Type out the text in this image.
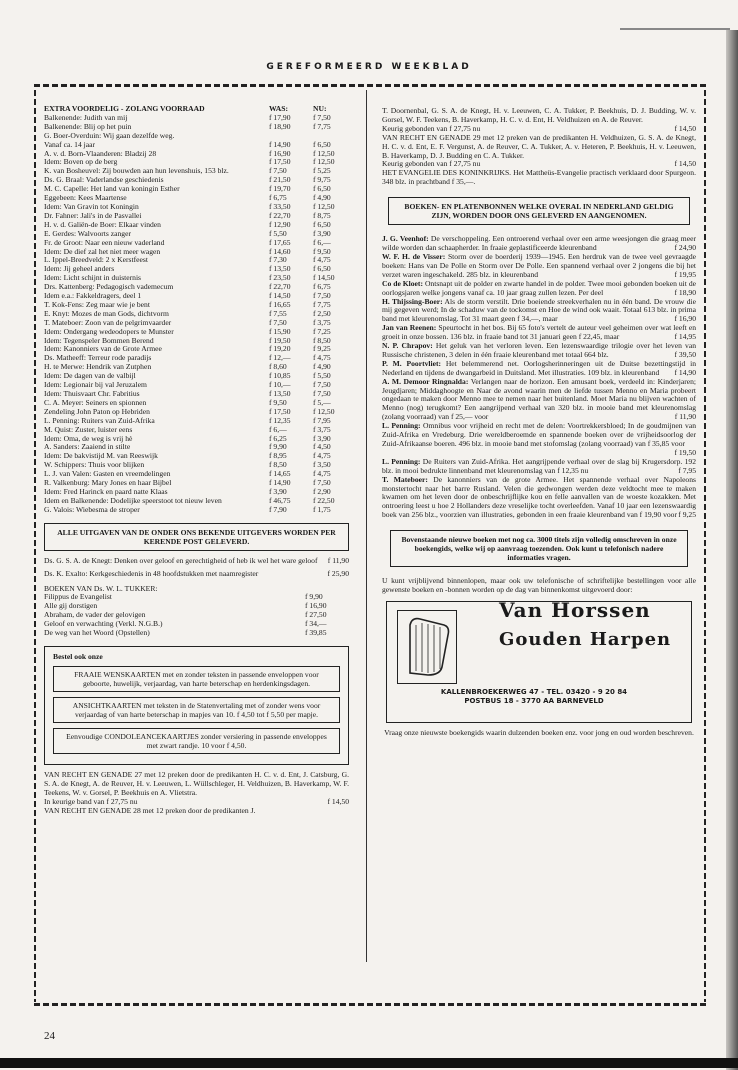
GEREFORMEERD WEEKBLAD
EXTRA VOORDELIG - ZOLANG VOORRAAD	WAS:	NU:
Balkenende: Judith van mij	f 17,90	f 7,50
Balkenende: Blij op het puin	f 18,90	f 7,75
G. Boer-Overduin: Wij gaan dezelfde weg.		
Vanaf ca. 14 jaar	f 14,90	f 6,50
A. v. d. Born-Vlaanderen: Bladzij 28	f 16,90	f 12,50
Idem: Boven op de berg	f 17,50	f 12,50
K. van Bosheuvel: Zij bouwden aan hun levenshuis, 153 blz.	f 7,50	f 5,25
Ds. G. Braal: Vaderlandse geschiedenis	f 21,50	f 9,75
M. C. Capelle: Het land van koningin Esther	f 19,70	f 6,50
Eggebeen: Kees Maartense	f 6,75	f 4,90
Idem: Van Gravin tot Koningin	f 33,50	f 12,50
Dr. Fahner: Jali's in de Pasvallei	f 22,70	f 8,75
H. v. d. Galiën-de Boer: Elkaar vinden	f 12,90	f 6,50
E. Gerdes: Walvoorts zanger	f 5,50	f 3,90
Fr. de Groot: Naar een nieuw vaderland	f 17,65	f 6,—
Idem: De dief zal het niet meer wagen	f 14,60	f 9,50
L. Ippel-Breedveld: 2 x Kerstfeest	f 7,30	f 4,75
Idem: Jij geheel anders	f 13,50	f 6,50
Idem: Licht schijnt in duisternis	f 23,50	f 14,50
Drs. Kattenberg: Pedagogisch vademecum	f 22,70	f 6,75
Idem e.a.: Fakkeldragers, deel 1	f 14,50	f 7,50
T. Kok-Fens: Zeg maar wie je bent	f 16,65	f 7,75
E. Knyt: Mozes de man Gods, dichtvorm	f 7,55	f 2,50
T. Mateboer: Zoon van de pelgrimvaarder	f 7,50	f 3,75
Idem: Ondergang wedeodopers te Munster	f 15,90	f 7,25
Idem: Tegenspeler Bommen Berend	f 19,50	f 8,50
Idem: Kanonniers van de Grote Armee	f 19,20	f 9,25
Ds. Matheeff: Terreur rode paradijs	f 12,—	f 4,75
H. te Merwe: Hendrik van Zutphen	f 8,60	f 4,90
Idem: De dagen van de valbijl	f 10,85	f 5,50
Idem: Legionair bij val Jeruzalem	f 10,—	f 7,50
Idem: Thuisvaart Chr. Fabritius	f 13,50	f 7,50
C. A. Meyer: Seiners en spionnen	f 9,50	f 5,—
Zendeling John Paton op Hebriden	f 17,50	f 12,50
L. Penning: Ruiters van Zuid-Afrika	f 12,35	f 7,95
M. Quist: Zuster, luister eens	f 6,—	f 3,75
Idem: Oma, de weg is vrij hè	f 6,25	f 3,90
A. Sanders: Zaaiend in stilte	f 9,90	f 4,50
Idem: De bakvistijd M. van Reeswijk	f 8,95	f 4,75
W. Schippers: Thuis voor blijken	f 8,50	f 3,50
L. J. van Valen: Gasten en vreemdelingen	f 14,65	f 4,75
R. Valkenburg: Mary Jones en haar Bijbel	f 14,90	f 7,50
Idem: Fred Harinck en paard natte Klaas	f 3,90	f 2,90
Idem en Balkenende: Dodelijke speerstoot tot nieuw leven	f 46,75	f 22,50
G. Valois: Wiebesma de stroper	f 7,90	f 1,75
ALLE UITGAVEN VAN DE ONDER ONS BEKENDE UITGEVERS WORDEN PER KERENDE POST GELEVERD.
Ds. G. S. A. de Knegt: Denken over geloof en gerechtigheid of heb ik wel het ware geloof f 11,90
Ds. K. Exalto: Kerkgeschiedenis in 48 hoofdstukken met naamregister	f 25,90
BOEKEN VAN Ds. W. L. TUKKER:
Filippus de Evangelist	f 9,90
Alle gij dorstigen	f 16,90
Abraham, de vader der gelovigen	f 27,50
Geloof en verwachting (Verkl. N.G.B.)	f 34,—
De weg van het Woord (Opstellen)	f 39,85
Bestel ook onze
FRAAIE WENSKAARTEN met en zonder teksten in passende enveloppen voor geboorte, huwelijk, verjaardag, van harte beterschap en herdenkingsdagen.
ANSICHTKAARTEN met teksten in de Statenvertaling met of zonder wens voor verjaardag of van harte beterschap in mapjes van 10. f 4,50 tot f 5,50 per mapje.
Eenvoudige CONDOLEANCEKAARTJES zonder versiering in passende enveloppes met zwart randje. 10 voor f 4,50.

VAN RECHT EN GENADE 27 met 12 preken door de predikanten H. C. v. d. Ent, J. Catsburg, G. S. A. de Knegt, A. de Reuver, H. v. Leeuwen, L. Wüllschleger, H. Veldhuizen, B. Haverkamp, W. F. Teekens, W. v. Gorsel, P. Beekhuis en A. Vlietstra.

In keurige band van f 27,75 nu	f 14,50

VAN RECHT EN GENADE 28 met 12 preken door de predikanten J.

T. Doornenbal, G. S. A. de Knegt, H. v. Leeuwen, C. A. Tukker, P. Beekhuis, D. J. Budding, W. v. Gorsel, W. F. Teekens, B. Haverkamp, H. C. v. d. Ent, H. Veldhuizen en A. de Reuver.

Keurig gebonden van f 27,75 nu	f 14,50

VAN RECHT EN GENADE 29 met 12 preken van de predikanten H. Veldhuizen, G. S. A. de Knegt, H. C. v. d. Ent, E. F. Vergunst, A. de Reuver, C. A. Tukker, A. v. Heteren, P. Beekhuis, H. v. Leeuwen, B. Haverkamp, D. J. Budding en C. A. Tukker.

Keurig gebonden van f 27,75 nu	f 14,50

HET EVANGELIE DES KONINKRIJKS. Het Mattheüs-Evangelie practisch verklaard door Spurgeon. 348 blz. in prachtband f 35,—.

BOEKEN- EN PLATENBONNEN WELKE OVERAL IN NEDERLAND GELDIG ZIJN, WORDEN DOOR ONS GELEVERD EN AANGENOMEN.

J. G. Veenhof: De verschoppeling. Een ontroerend verhaal over een arme weesjongen die graag meer wilde worden dan schaapherder. In fraaie geplastificeerde kleurenband	f 24,90

W. F. H. de Visser: Storm over de boerderij 1939—1945. Een herdruk van de twee veel gevraagde boeken: Hans van De Polle en Storm over De Polle. Een spannend verhaal over 2 jongens die bij het verzet waren ingeschakeld. 285 blz. in kleurenband	f 19,95

Co de Kloet: Ontsnapt uit de polder en zwarte handel in de polder. Twee mooi gebonden boeken uit de oorlogsjaren welke jongens vanaf ca. 10 jaar graag zullen lezen. Per deel	f 18,90

H. Thijssing-Boer: Als de storm verstilt. Drie boeiende streekverhalen nu in één band. De vrouw die mij gegeven werd; In de schaduw van de tockomst en Hoe de wind ook waait. Totaal 613 blz. in prima band met kleurenomslag. Tot 31 maart geen f 34,—, maar	f 16,90

Jan van Reenen: Speurtocht in het bos. Bij 65 foto's vertelt de auteur veel geheimen over wat leeft en groeit in onze bossen. 136 blz. in fraaie band tot 31 januari geen f 22,45, maar	f 14,95

N. P. Chrapov: Het geluk van het verloren leven. Een lezenswaardige trilogie over het leven van Russische christenen, 3 delen in één fraaie kleurenband met totaal 664 blz.	f 39,50

P. M. Poortvliet: Het belemmerend net. Oorlogsherinneringen uit de Duitse bezettingstijd in Nederland en tijdens de dwangarbeid in Duitsland. Met illustraties. 109 blz. in kleurenband f 14,90

A. M. Demoor Ringnalda: Verlangen naar de horizon. Een amusant boek, verdeeld in: Kinderjaren; Jeugdjaren; Middaghoogte en Naar de avond waarin men de liefde tussen Menno en Maria probeert ongedaan te maken door Menno mee te nemen naar het buitenland. Moet Maria nu blijven wachten of Menno (nog) terugkomt? Een aangrijpend verhaal van 320 blz. in mooie band met kleurenomslag (zolang voorraad) van f 25,— voor	f 11,90

L. Penning: Omnibus voor vrijheid en recht met de delen: Voortrekkersbloed; In de goudmijnen van Zuid-Afrika en Vredeburg. Drie wereldberoemde en spannende boeken over de vrijheidsoorlog der Zuid-Afrikaanse boeren. 496 blz. in mooie band met stofomslag (zolang voorraad) van f 35,85 voor
f 19,50

L. Penning: De Ruiters van Zuid-Afrika. Het aangrijpende verhaal over de slag bij Krugersdorp. 192 blz. in mooi bedrukte linnenband met kleurenomslag van f 12,35 nu	f 7,95

T. Mateboer: De kanonniers van de grote Armee. Het spannende verhaal over Napoleons monstertocht naar het barre Rusland. Velen die gedwongen werden deze veldtocht mee te maken kwamen om het leven door de onbeschrijflijke kou en felle aanvallen van de woeste kozakken. Met ontroering leest u hoe 2 Hollanders deze vreselijke tocht overleefden. Vanaf 10 jaar een lezenswaardig boek van 256 blz., voorzien van illustraties, gebonden in een fraaie kleurenband van f 19,90 voor f 9,25

Bovenstaande nieuwe boeken met nog ca. 3000 titels zijn volledig omschreven in onze boekengids, welke wij op aanvraag toezenden. Ook kunt u telefonisch nadere informaties vragen.

U kunt vrijblijvend binnenlopen, maar ook uw telefonische of schriftelijke bestellingen voor alle gewenste boeken en -bonnen worden op de dag van binnenkomst uitgevoerd door:

Van Horssen
Gouden Harpen
KALLENBROEKERWEG 47 - TEL. 03420 - 9 20 84
POSTBUS 18 - 3770 AA BARNEVELD

Vraag onze nieuwste boekengids waarin dulzenden boeken enz. voor jong en oud worden beschreven.

24
